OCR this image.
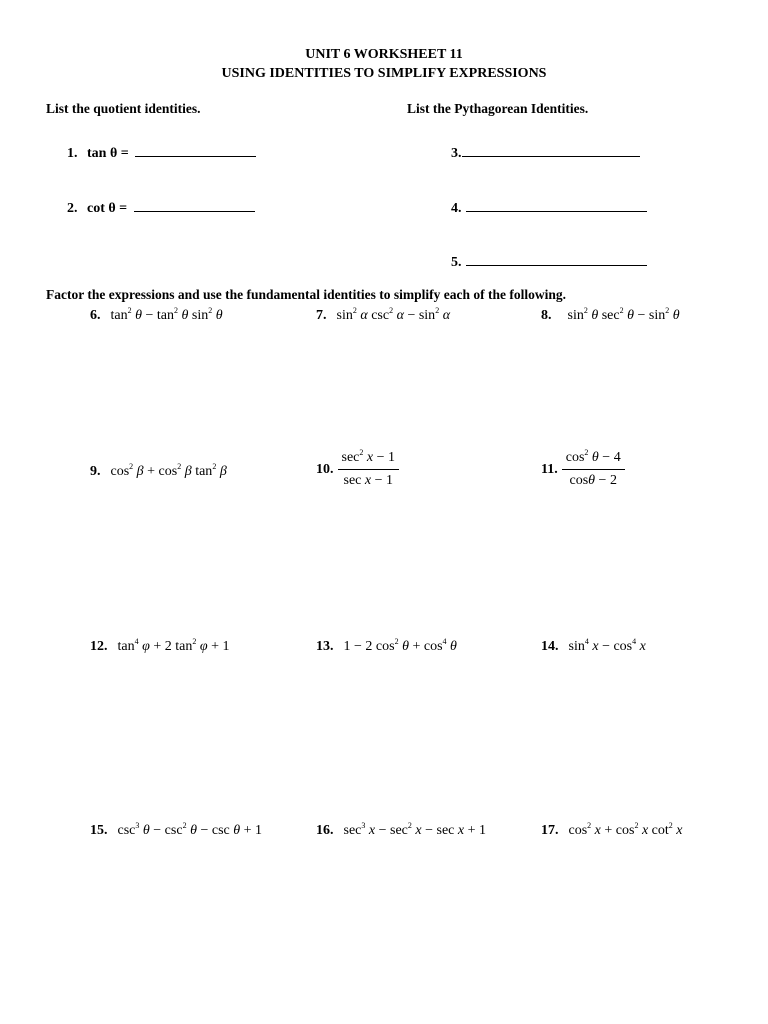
UNIT 6 WORKSHEET 11
USING IDENTITIES TO SIMPLIFY EXPRESSIONS
List the quotient identities.	List the Pythagorean Identities.
1. tan θ =
2. cot θ =
3.
4.
5.
Factor the expressions and use the fundamental identities to simplify each of the following.
6. $\tan^2 \theta - \tan^2 \theta$ $\sin^2 \theta$	7. $\sin^2 \alpha$ $\csc^2 \alpha - \sin^2 \alpha$	8. $\sin^2 \theta$ $\sec^2 \theta - \sin^2 \theta$
9. $\cos^2 \beta + \cos^2 \beta$ $\tan^2 \beta$	10. $\frac{\sec^2 x - 1}{\text{sec x − 1}}$	11. $\frac{\cos^2 \theta - 4}{\cos\theta - 2}$
12. $\tan^4 \varphi + 2$ $\tan^2 \varphi + 1$	13. 1 − 2 $\cos^2 \theta + \cos^4 \theta$	14. $\sin^4 x - \cos^4 x$
15. $\csc^3 \theta - \csc^2 \theta - \csc \theta + 1$	16. $\sec^3 x - \sec^2 x - \sec x + 1$	17. $\cos^2 x + \cos^2 x$ $\cot^2 x$
